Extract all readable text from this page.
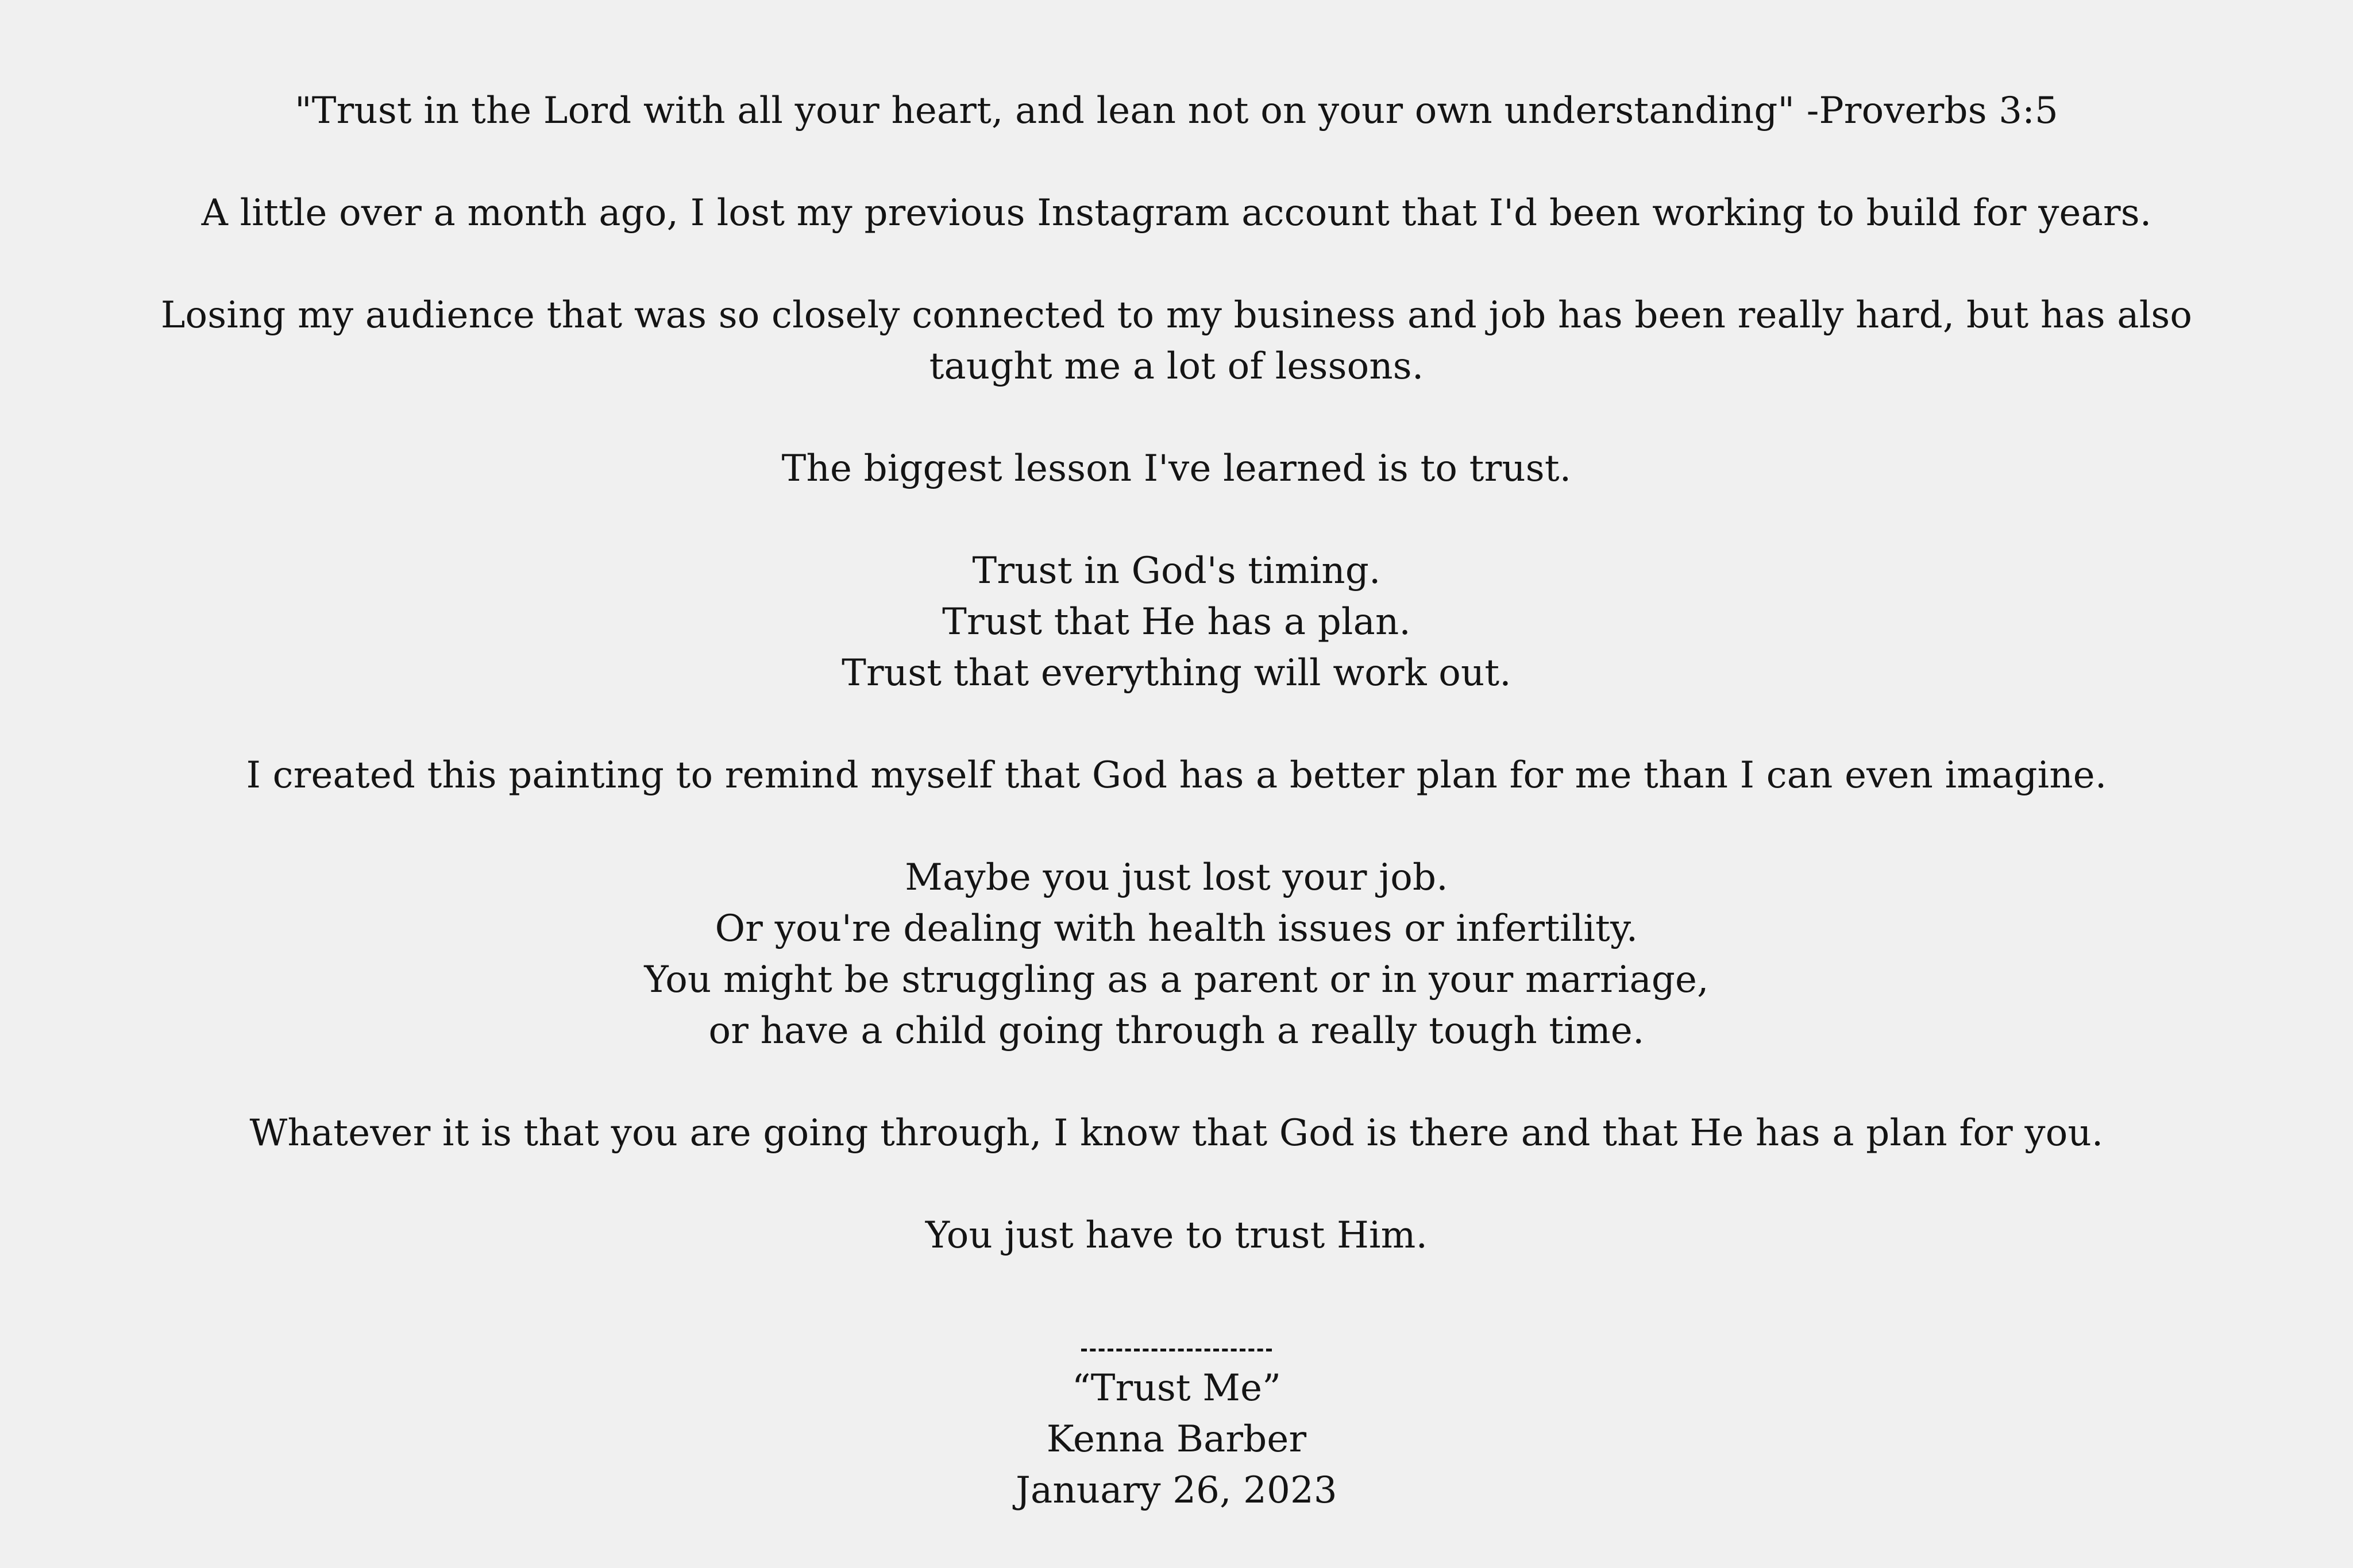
"Trust in the Lord with all your heart, and lean not on your own understanding" -Proverbs 3:5
A little over a month ago, I lost my previous Instagram account that I'd been working to build for years.
Losing my audience that was so closely connected to my business and job has been really hard, but has also
taught me a lot of lessons.
The biggest lesson I've learned is to trust.
Trust in God's timing.
Trust that He has a plan.
Trust that everything will work out.
I created this painting to remind myself that God has a better plan for me than I can even imagine.
Maybe you just lost your job.
Or you're dealing with health issues or infertility.
You might be struggling as a parent or in your marriage,
or have a child going through a really tough time.
Whatever it is that you are going through, I know that God is there and that He has a plan for you.
You just have to trust Him.
“Trust Me”
Kenna Barber
January 26, 2023
